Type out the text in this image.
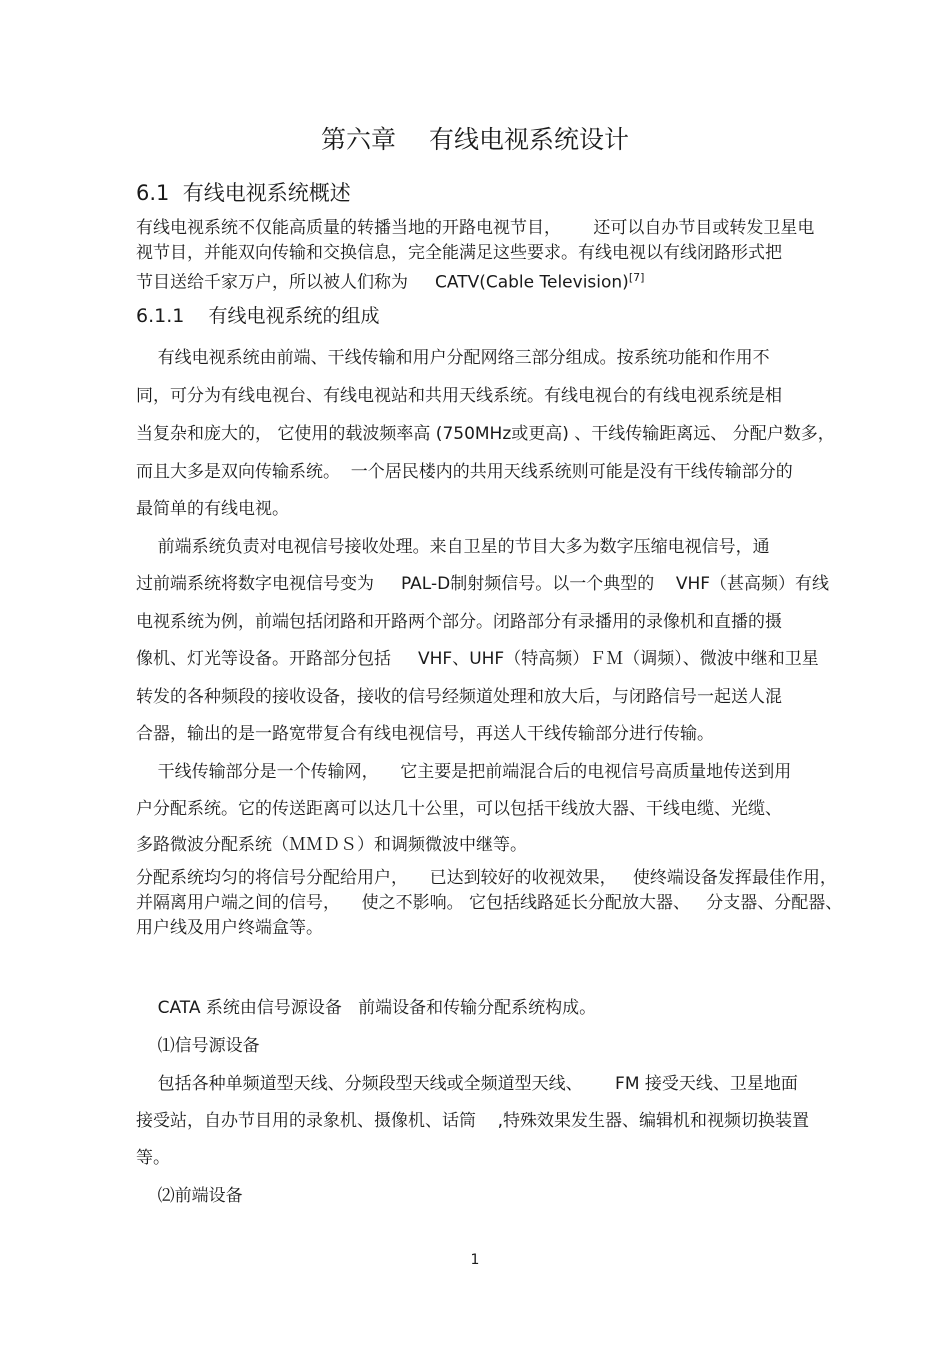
第六章　 有线电视系统设计
6.1  有线电视系统概述
有线电视系统不仅能高质量的转播当地的开路电视节目，      还可以自办节目或转发卫星电
视节目，并能双向传输和交换信息，完全能满足这些要求。有线电视以有线闭路形式把
节目送给千家万户，所以被人们称为     CATV(Cable Television)[7]
6.1.1    有线电视系统的组成
有线电视系统由前端、干线传输和用户分配网络三部分组成。按系统功能和作用不
同，可分为有线电视台、有线电视站和共用天线系统。有线电视台的有线电视系统是相
当复杂和庞大的， 它使用的载波频率高 (750MHz或更高) 、干线传输距离远、 分配户数多，
而且大多是双向传输系统。  一个居民楼内的共用天线系统则可能是没有干线传输部分的
最简单的有线电视。
前端系统负责对电视信号接收处理。来自卫星的节目大多为数字压缩电视信号，通
过前端系统将数字电视信号变为     PAL-D制射频信号。以一个典型的    VHF（甚高频）有线
电视系统为例，前端包括闭路和开路两个部分。闭路部分有录播用的录像机和直播的摄
像机、灯光等设备。开路部分包括     VHF、UHF（特高频）ＦＭ（调频）、微波中继和卫星
转发的各种频段的接收设备，接收的信号经频道处理和放大后，与闭路信号一起送人混
合器，输出的是一路宽带复合有线电视信号，再送人干线传输部分进行传输。
干线传输部分是一个传输网，    它主要是把前端混合后的电视信号高质量地传送到用
户分配系统。它的传送距离可以达几十公里，可以包括干线放大器、干线电缆、光缆、
多路微波分配系统（ＭＭＤＳ）和调频微波中继等。
分配系统均匀的将信号分配给用户，    已达到较好的收视效果，   使终端设备发挥最佳作用，
并隔离用户端之间的信号，    使之不影响。 它包括线路延长分配放大器、   分支器、分配器、
用户线及用户终端盒等。
CATA 系统由信号源设备   前端设备和传输分配系统构成。
⑴信号源设备
包括各种单频道型天线、分频段型天线或全频道型天线、      FM 接受天线、卫星地面
接受站，自办节目用的录象机、摄像机、话筒    ,特殊效果发生器、编辑机和视频切换装置
等。
⑵前端设备
1
